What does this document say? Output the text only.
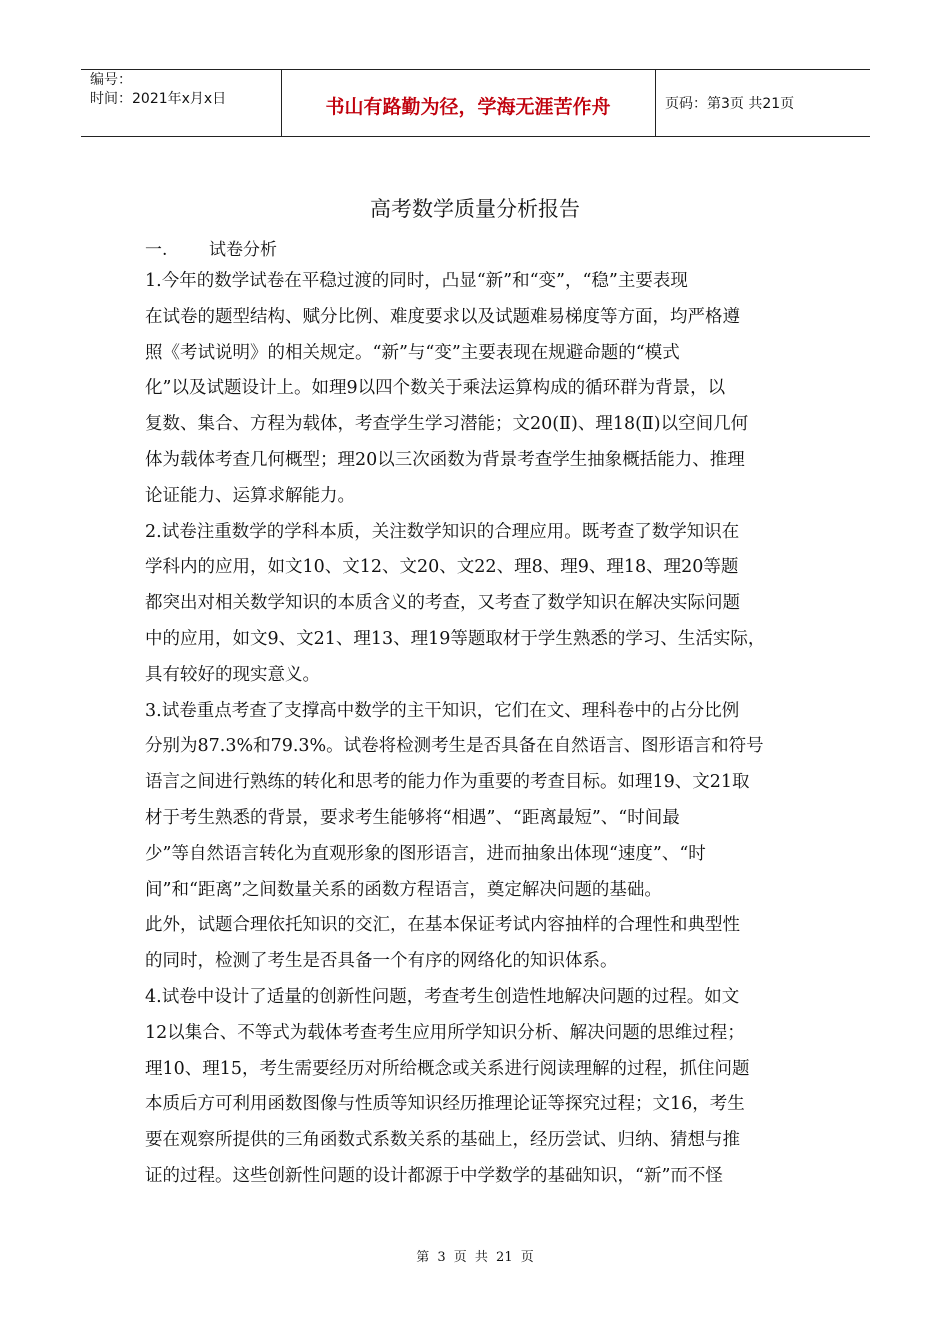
编号：
时间：2021年x月x日	书山有路勤为径，学海无涯苦作舟	页码：第3页 共21页
高考数学质量分析报告
一. 试卷分析
1.今年的数学试卷在平稳过渡的同时，凸显“新”和“变”，“稳”主要表现
在试卷的题型结构、赋分比例、难度要求以及试题难易梯度等方面，均严格遵
照《考试说明》的相关规定。“新”与“变”主要表现在规避命题的“模式
化”以及试题设计上。如理9以四个数关于乘法运算构成的循环群为背景，以
复数、集合、方程为载体，考查学生学习潜能；文20(Ⅱ)、理18(Ⅱ)以空间几何
体为载体考查几何概型；理20以三次函数为背景考查学生抽象概括能力、推理
论证能力、运算求解能力。
2.试卷注重数学的学科本质，关注数学知识的合理应用。既考查了数学知识在
学科内的应用，如文10、文12、文20、文22、理8、理9、理18、理20等题
都突出对相关数学知识的本质含义的考查，又考查了数学知识在解决实际问题
中的应用，如文9、文21、理13、理19等题取材于学生熟悉的学习、生活实际，
具有较好的现实意义。
3.试卷重点考查了支撑高中数学的主干知识，它们在文、理科卷中的占分比例
分别为87.3%和79.3%。试卷将检测考生是否具备在自然语言、图形语言和符号
语言之间进行熟练的转化和思考的能力作为重要的考查目标。如理19、文21取
材于考生熟悉的背景，要求考生能够将“相遇”、“距离最短”、“时间最
少”等自然语言转化为直观形象的图形语言，进而抽象出体现“速度”、“时
间”和“距离”之间数量关系的函数方程语言，奠定解决问题的基础。
此外，试题合理依托知识的交汇，在基本保证考试内容抽样的合理性和典型性
的同时，检测了考生是否具备一个有序的网络化的知识体系。
4.试卷中设计了适量的创新性问题，考查考生创造性地解决问题的过程。如文
12以集合、不等式为载体考查考生应用所学知识分析、解决问题的思维过程；
理10、理15，考生需要经历对所给概念或关系进行阅读理解的过程，抓住问题
本质后方可利用函数图像与性质等知识经历推理论证等探究过程；文16，考生
要在观察所提供的三角函数式系数关系的基础上，经历尝试、归纳、猜想与推
证的过程。这些创新性问题的设计都源于中学数学的基础知识，“新”而不怪
第 3 页 共 21 页
